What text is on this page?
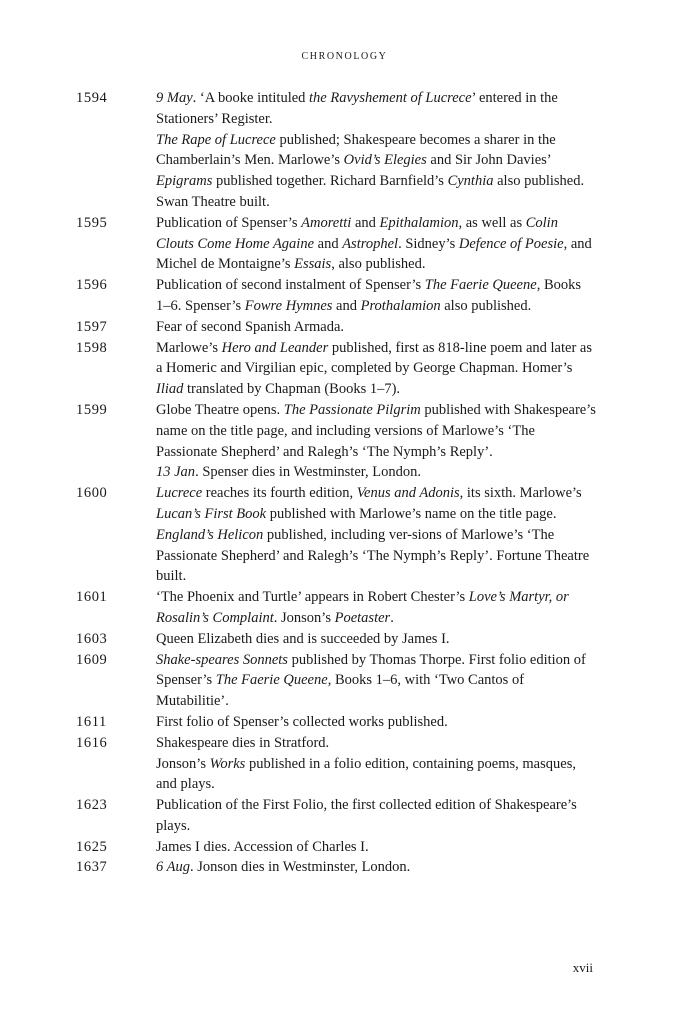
CHRONOLOGY
1594	9 May. ‘A booke intituled the Ravyshement of Lucrece’ entered in the Stationers’ Register.
The Rape of Lucrece published; Shakespeare becomes a sharer in the Chamberlain’s Men. Marlowe’s Ovid’s Elegies and Sir John Davies’ Epigrams published together. Richard Barnfield’s Cynthia also published. Swan Theatre built.
1595	Publication of Spenser’s Amoretti and Epithalamion, as well as Colin Clouts Come Home Againe and Astrophel. Sidney’s Defence of Poesie, and Michel de Montaigne’s Essais, also published.
1596	Publication of second instalment of Spenser’s The Faerie Queene, Books 1–6. Spenser’s Fowre Hymnes and Prothalamion also published.
1597	Fear of second Spanish Armada.
1598	Marlowe’s Hero and Leander published, first as 818-line poem and later as a Homeric and Virgilian epic, completed by George Chapman. Homer’s Iliad translated by Chapman (Books 1–7).
1599	Globe Theatre opens. The Passionate Pilgrim published with Shakespeare’s name on the title page, and including versions of Marlowe’s ‘The Passionate Shepherd’ and Ralegh’s ‘The Nymph’s Reply’.
13 Jan. Spenser dies in Westminster, London.
1600	Lucrece reaches its fourth edition, Venus and Adonis, its sixth. Marlowe’s Lucan’s First Book published with Marlowe’s name on the title page. England’s Helicon published, including ver-sions of Marlowe’s ‘The Passionate Shepherd’ and Ralegh’s ‘The Nymph’s Reply’. Fortune Theatre built.
1601	‘The Phoenix and Turtle’ appears in Robert Chester’s Love’s Martyr, or Rosalin’s Complaint. Jonson’s Poetaster.
1603	Queen Elizabeth dies and is succeeded by James I.
1609	Shake-speares Sonnets published by Thomas Thorpe. First folio edition of Spenser’s The Faerie Queene, Books 1–6, with ‘Two Cantos of Mutabilitie’.
1611	First folio of Spenser’s collected works published.
1616	Shakespeare dies in Stratford.
Jonson’s Works published in a folio edition, containing poems, masques, and plays.
1623	Publication of the First Folio, the first collected edition of Shakespeare’s plays.
1625	James I dies. Accession of Charles I.
1637	6 Aug. Jonson dies in Westminster, London.
xvii
